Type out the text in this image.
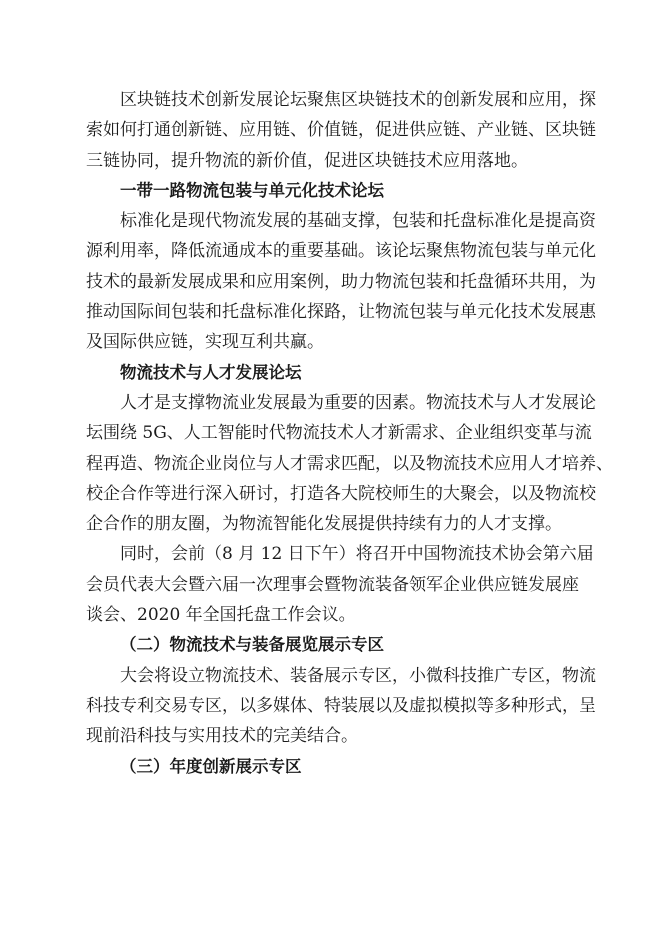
区块链技术创新发展论坛聚焦区块链技术的创新发展和应用，探
索如何打通创新链、应用链、价值链，促进供应链、产业链、区块链
三链协同，提升物流的新价值，促进区块链技术应用落地。
一带一路物流包装与单元化技术论坛
标准化是现代物流发展的基础支撑，包装和托盘标准化是提高资
源利用率，降低流通成本的重要基础。该论坛聚焦物流包装与单元化
技术的最新发展成果和应用案例，助力物流包装和托盘循环共用，为
推动国际间包装和托盘标准化探路，让物流包装与单元化技术发展惠
及国际供应链，实现互利共赢。
物流技术与人才发展论坛
人才是支撑物流业发展最为重要的因素。物流技术与人才发展论
坛围绕 5G、人工智能时代物流技术人才新需求、企业组织变革与流
程再造、物流企业岗位与人才需求匹配，以及物流技术应用人才培养、
校企合作等进行深入研讨，打造各大院校师生的大聚会，以及物流校
企合作的朋友圈，为物流智能化发展提供持续有力的人才支撑。
同时，会前（8 月 12 日下午）将召开中国物流技术协会第六届
会员代表大会暨六届一次理事会暨物流装备领军企业供应链发展座
谈会、2020 年全国托盘工作会议。
（二）物流技术与装备展览展示专区
大会将设立物流技术、装备展示专区，小微科技推广专区，物流
科技专利交易专区，以多媒体、特装展以及虚拟模拟等多种形式，呈
现前沿科技与实用技术的完美结合。
（三）年度创新展示专区
